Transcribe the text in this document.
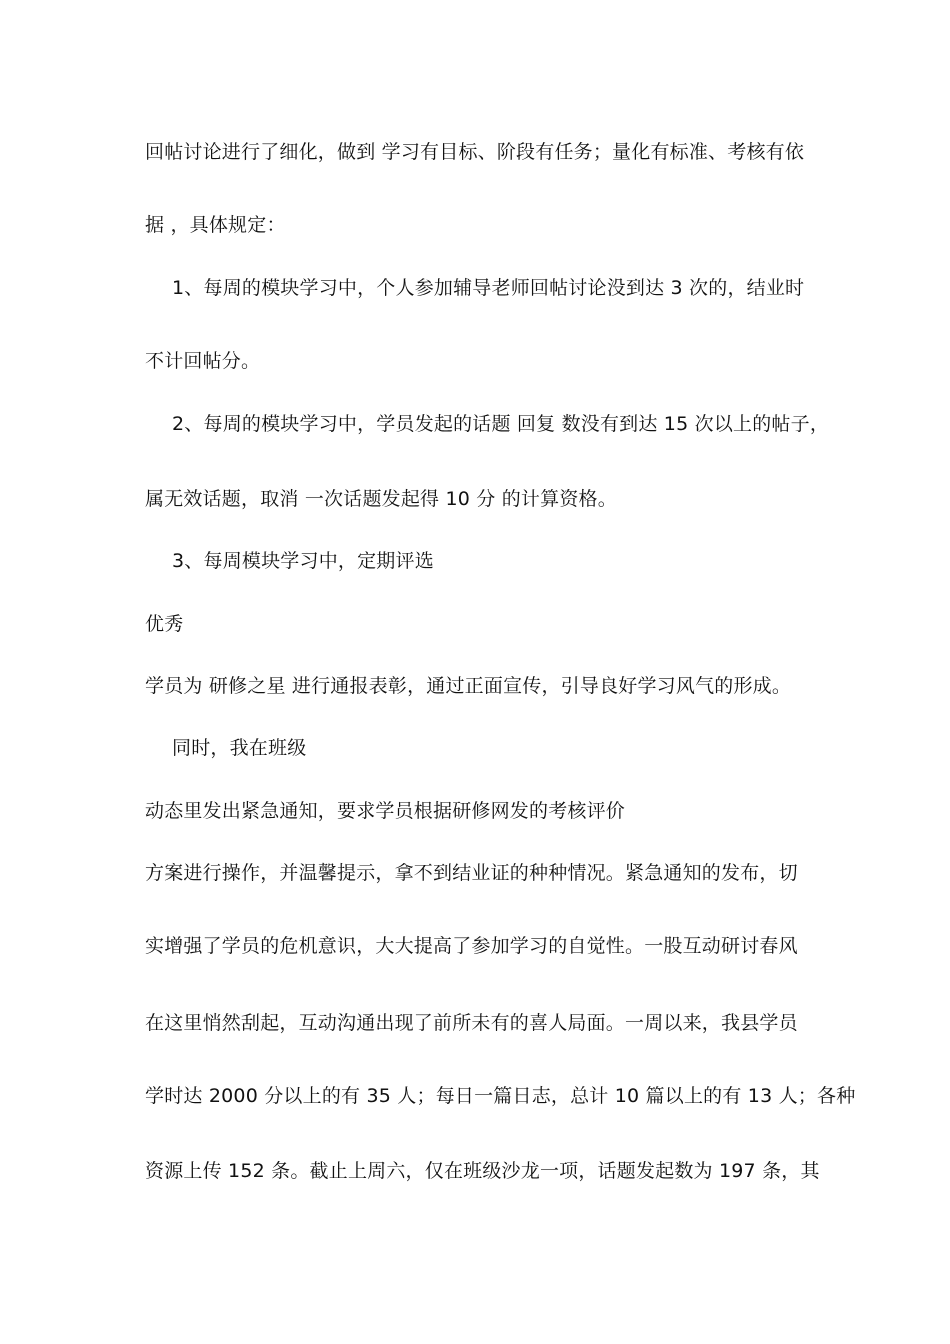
回帖讨论进行了细化，做到 学习有目标、阶段有任务；量化有标准、考核有依
据 ，具体规定：
1、每周的模块学习中，个人参加辅导老师回帖讨论没到达 3 次的，结业时
不计回帖分。
2、每周的模块学习中，学员发起的话题 回复 数没有到达 15 次以上的帖子，
属无效话题，取消 一次话题发起得 10 分 的计算资格。
3、每周模块学习中，定期评选
优秀
学员为 研修之星 进行通报表彰，通过正面宣传，引导良好学习风气的形成。
同时，我在班级
动态里发出紧急通知，要求学员根据研修网发的考核评价
方案进行操作，并温馨提示，拿不到结业证的种种情况。紧急通知的发布，切
实增强了学员的危机意识，大大提高了参加学习的自觉性。一股互动研讨春风
在这里悄然刮起，互动沟通出现了前所未有的喜人局面。一周以来，我县学员
学时达 2000 分以上的有 35 人；每日一篇日志，总计 10 篇以上的有 13 人；各种
资源上传 152 条。截止上周六，仅在班级沙龙一项，话题发起数为 197 条，其
